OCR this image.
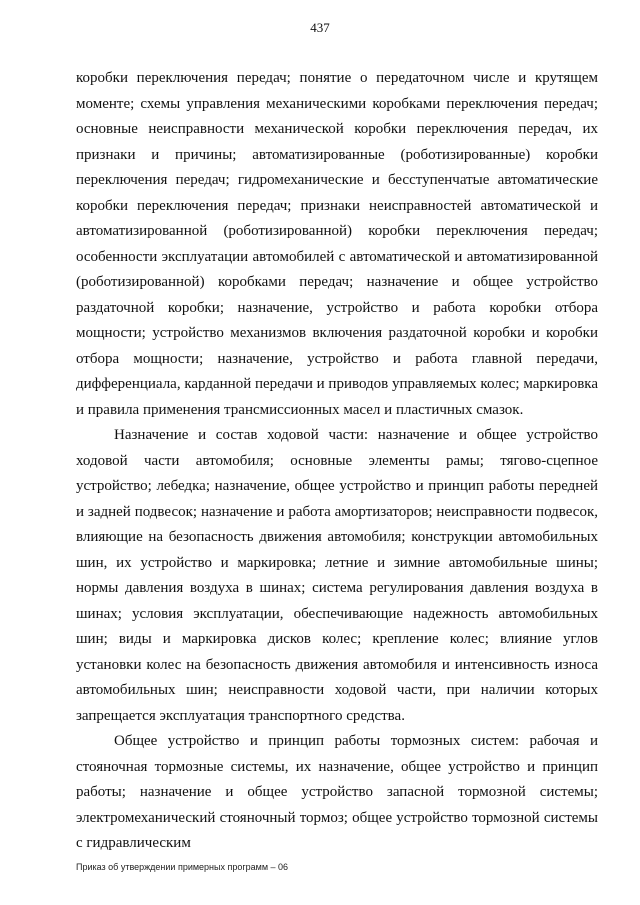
437

коробки переключения передач; понятие о передаточном числе и крутящем моменте; схемы управления механическими коробками переключения передач; основные неисправности механической коробки переключения передач, их признаки и причины; автоматизированные (роботизированные) коробки переключения передач; гидромеханические и бесступенчатые автоматические коробки переключения передач; признаки неисправностей автоматической и автоматизированной (роботизированной) коробки переключения передач; особенности эксплуатации автомобилей с автоматической и автоматизированной (роботизированной) коробками передач; назначение и общее устройство раздаточной коробки; назначение, устройство и работа коробки отбора мощности; устройство механизмов включения раздаточной коробки и коробки отбора мощности; назначение, устройство и работа главной передачи, дифференциала, карданной передачи и приводов управляемых колес; маркировка и правила применения трансмиссионных масел и пластичных смазок.

Назначение и состав ходовой части: назначение и общее устройство ходовой части автомобиля; основные элементы рамы; тягово-сцепное устройство; лебедка; назначение, общее устройство и принцип работы передней и задней подвесок; назначение и работа амортизаторов; неисправности подвесок, влияющие на безопасность движения автомобиля; конструкции автомобильных шин, их устройство и маркировка; летние и зимние автомобильные шины; нормы давления воздуха в шинах; система регулирования давления воздуха в шинах; условия эксплуатации, обеспечивающие надежность автомобильных шин; виды и маркировка дисков колес; крепление колес; влияние углов установки колес на безопасность движения автомобиля и интенсивность износа автомобильных шин; неисправности ходовой части, при наличии которых запрещается эксплуатация транспортного средства.

Общее устройство и принцип работы тормозных систем: рабочая и стояночная тормозные системы, их назначение, общее устройство и принцип работы; назначение и общее устройство запасной тормозной системы; электромеханический стояночный тормоз; общее устройство тормозной системы с гидравлическим

Приказ об утверждении примерных программ – 06
